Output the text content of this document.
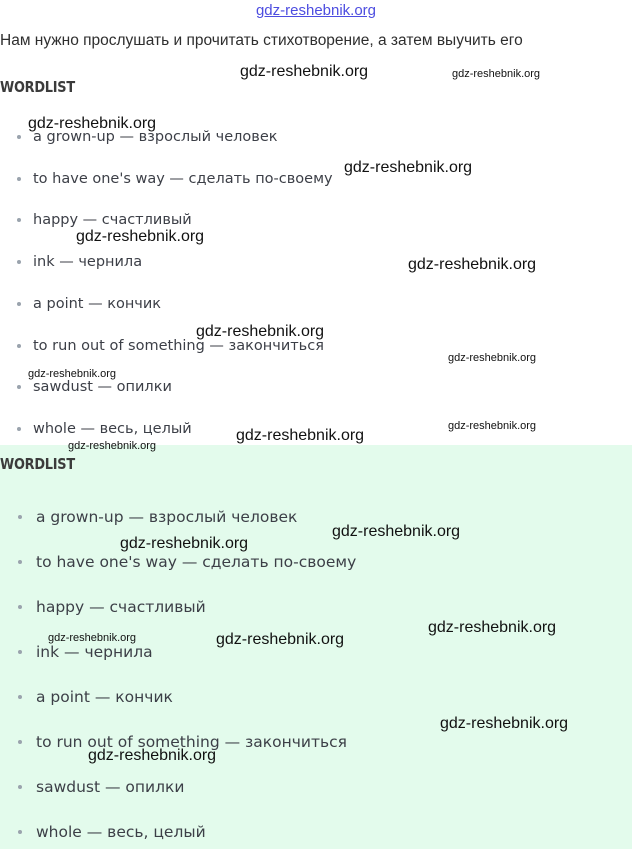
gdz-reshebnik.org
Нам нужно прослушать и прочитать стихотворение, а затем выучить его
WORDLIST
a grown-up — взрослый человек
to have one's way — сделать по-своему
happy — счастливый
ink — чернила
a point — кончик
to run out of something — закончиться
sawdust — опилки
whole — весь, целый
WORDLIST
a grown-up — взрослый человек
to have one's way — сделать по-своему
happy — счастливый
ink — чернила
a point — кончик
to run out of something — закончиться
sawdust — опилки
whole — весь, целый
gdz-reshebnik.org	gdz-reshebnik.org
gdz-reshebnik.org
gdz-reshebnik.org
gdz-reshebnik.org
gdz-reshebnik.org
gdz-reshebnik.org
gdz-reshebnik.org
gdz-reshebnik.org
gdz-reshebnik.org
gdz-reshebnik.org
gdz-reshebnik.org
gdz-reshebnik.org
gdz-reshebnik.org
gdz-reshebnik.org
gdz-reshebnik.org	gdz-reshebnik.org
gdz-reshebnik.org
gdz-reshebnik.org
